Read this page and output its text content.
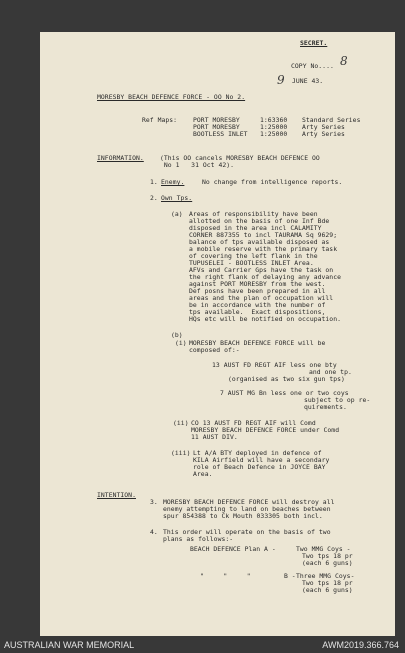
SECRET.
COPY No.... 8
9 JUNE 43.
MORESBY BEACH DEFENCE FORCE - OO No 2.
Ref Maps: PORT MORESBY	1:63360 Standard Series
PORT MORESBY	1:25000 Arty Series
BOOTLESS INLET 1:25000 Arty Series
INFORMATION.	(This OO cancels MORESBY BEACH DEFENCE OO
No 1   31 Oct 42).
1. Enemy.	No change from intelligence reports.
2. Own Tps.
(a) Areas of responsibility have been
allotted on the basis of one Inf Bde
disposed in the area incl CALAMITY
CORNER 887355 to incl TAURAMA Sq 9629;
balance of tps available disposed as
a mobile reserve with the primary task
of covering the left flank in the
TUPUSELEI - BOOTLESS INLET Area.
AFVs and Carrier Gps have the task on
the right flank of delaying any advance
against PORT MORESBY from the west.
Def posns have been prepared in all
areas and the plan of occupation will
be in accordance with the number of
tps available.  Exact dispositions,
HQs etc will be notified on occupation.
(b)
(i) MORESBY BEACH DEFENCE FORCE will be
composed of:-
13 AUST FD REGT AIF less one bty
and one tp.
(organised as two six gun tps)
7 AUST MG Bn less one or two coys
subject to op re-
quirements.
(ii) CO 13 AUST FD REGT AIF will Comd
MORESBY BEACH DEFENCE FORCE under Comd
11 AUST DIV.
(iii) Lt A/A BTY deployed in defence of
KILA Airfield will have a secondary
role of Beach Defence in JOYCE BAY
Area.
INTENTION.
3. MORESBY BEACH DEFENCE FORCE will destroy all
enemy attempting to land on beaches between
spur 854388 to Ck Mouth 033305 both incl.
4. This order will operate on the basis of two
plans as follows:-
BEACH DEFENCE Plan A -	Two MMG Coys -
Two tps 18 pr
(each 6 guns)
"     "     "	B - Three MMG Coys-
Two tps 18 pr
(each 6 guns)
AUSTRALIAN WAR MEMORIAL	AWM2019.366.764
